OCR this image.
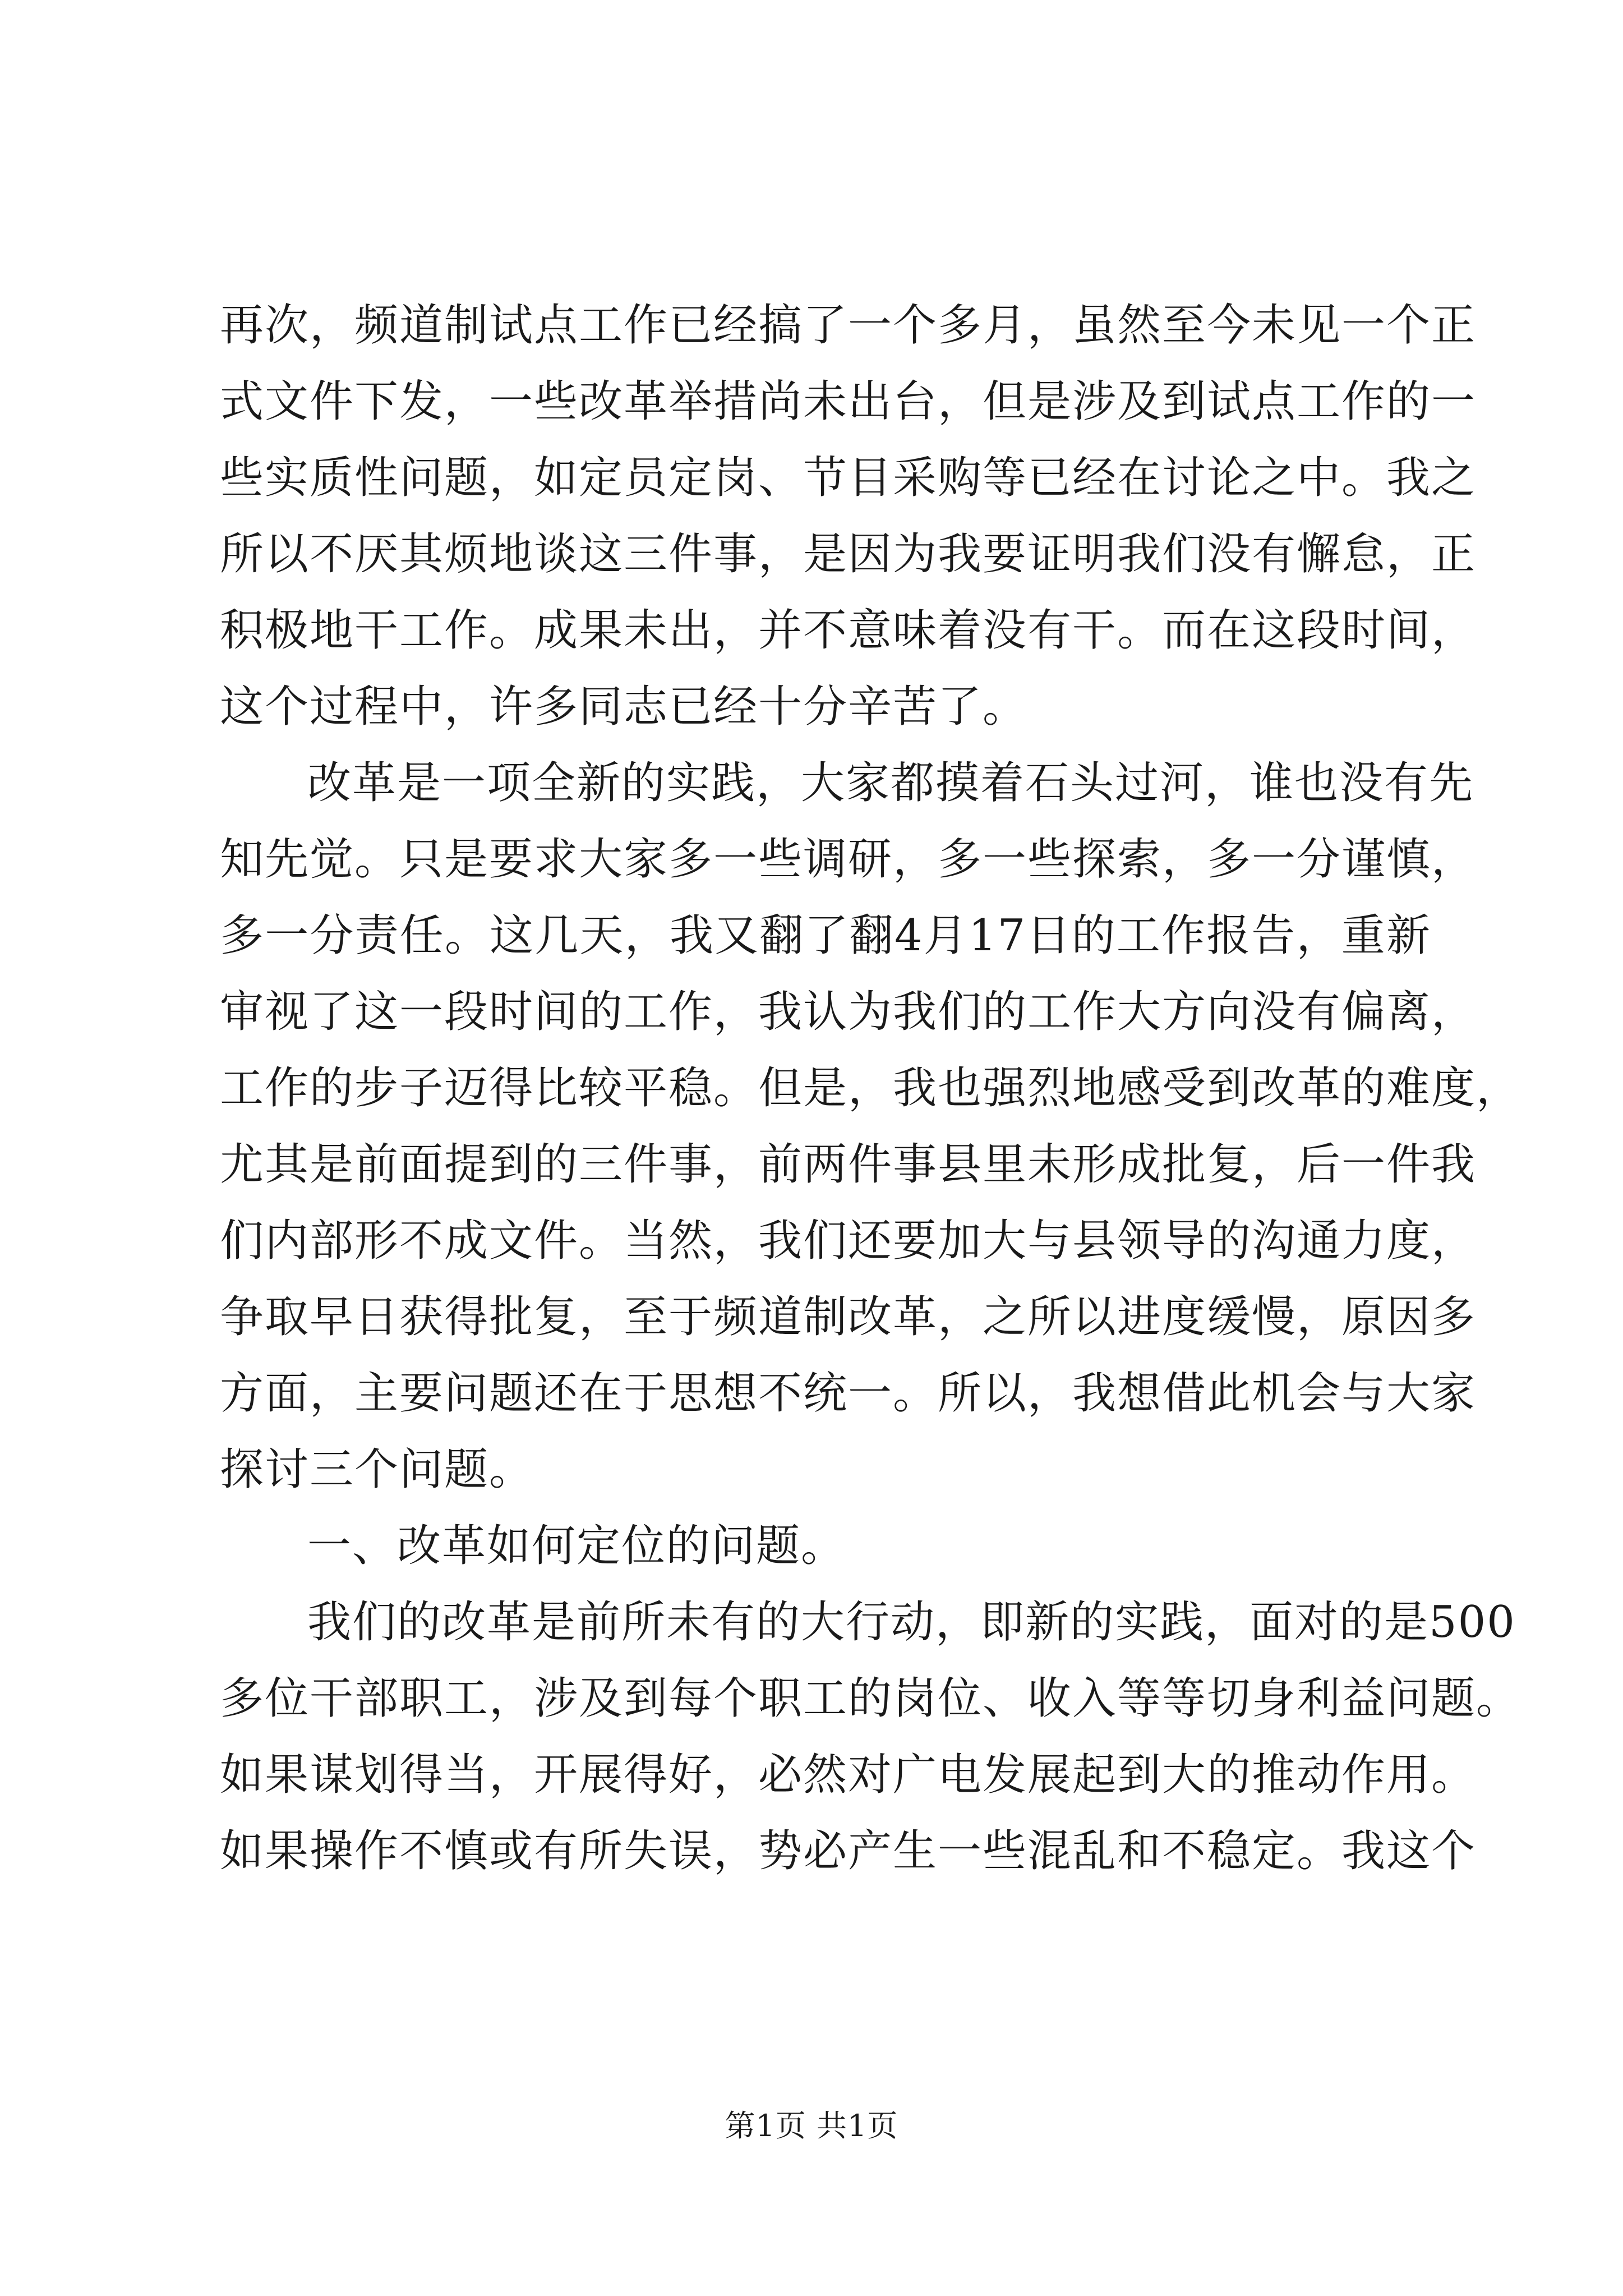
再次，频道制试点工作已经搞了一个多月，虽然至今未见一个正
式文件下发，一些改革举措尚未出台，但是涉及到试点工作的一
些实质性问题，如定员定岗、节目采购等已经在讨论之中。我之
所以不厌其烦地谈这三件事，是因为我要证明我们没有懈怠，正
积极地干工作。成果未出，并不意味着没有干。而在这段时间，
这个过程中，许多同志已经十分辛苦了。
改革是一项全新的实践，大家都摸着石头过河，谁也没有先
知先觉。只是要求大家多一些调研，多一些探索，多一分谨慎，
多一分责任。这几天，我又翻了翻4月17日的工作报告，重新
审视了这一段时间的工作，我认为我们的工作大方向没有偏离，
工作的步子迈得比较平稳。但是，我也强烈地感受到改革的难度，
尤其是前面提到的三件事，前两件事县里未形成批复，后一件我
们内部形不成文件。当然，我们还要加大与县领导的沟通力度，
争取早日获得批复，至于频道制改革，之所以进度缓慢，原因多
方面，主要问题还在于思想不统一。所以，我想借此机会与大家
探讨三个问题。
一、改革如何定位的问题。
我们的改革是前所未有的大行动，即新的实践，面对的是500
多位干部职工，涉及到每个职工的岗位、收入等等切身利益问题。
如果谋划得当，开展得好，必然对广电发展起到大的推动作用。
如果操作不慎或有所失误，势必产生一些混乱和不稳定。我这个
第1页 共1页
